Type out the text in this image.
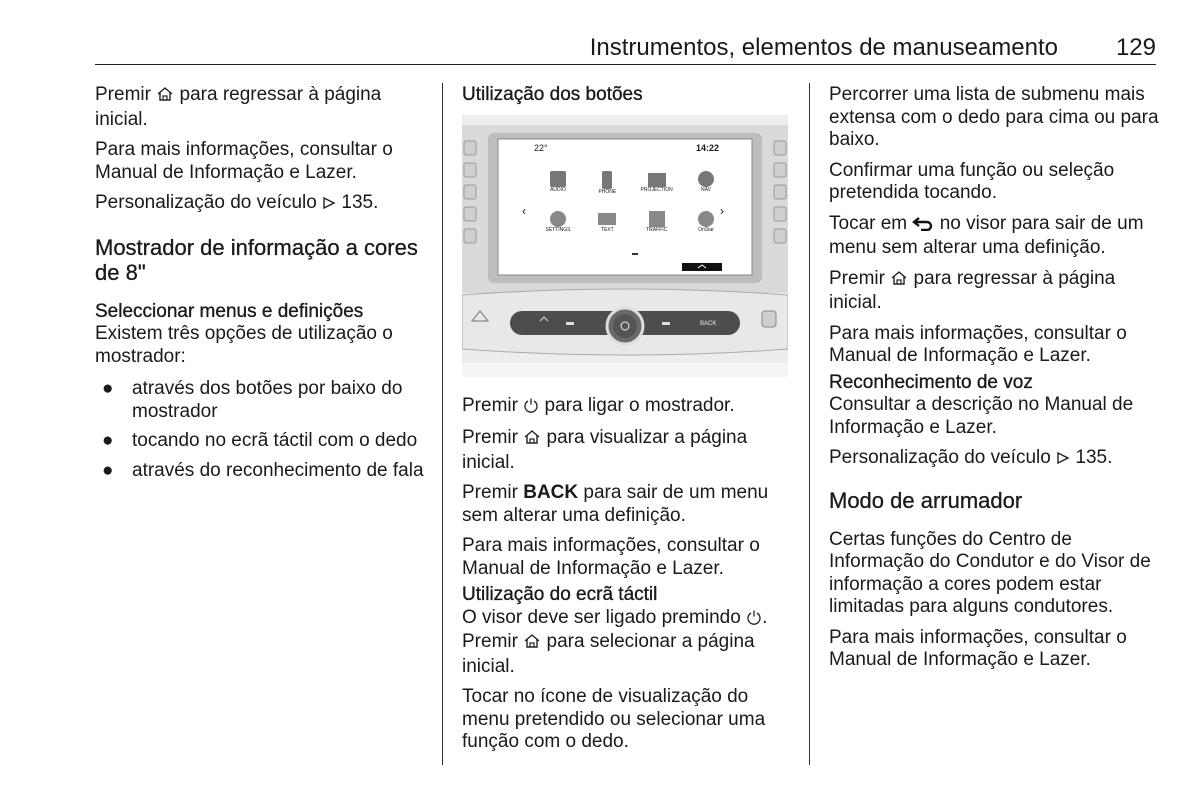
Instrumentos, elementos de manuseamento 129

Premir  para regressar à página inicial.

Para mais informações, consultar o Manual de Informação e Lazer.

Personalização do veículo  135.

Mostrador de informação a cores de 8"
Seleccionar menus e definições

Existem três opções de utilização o mostrador:

● através dos botões por baixo do mostrador
● tocando no ecrã táctil com o dedo
● através do reconhecimento de fala
Utilização dos botões
22°	14:22
‹	›
AUDIO	PHONE	PROJECTION	NAV
SETTINGS	TEXT	TRAFFIC	OnStar
BACK

Premir  para ligar o mostrador.

Premir  para visualizar a página inicial.

Premir BACK para sair de um menu sem alterar uma definição.

Para mais informações, consultar o Manual de Informação e Lazer.

Utilização do ecrã táctil

O visor deve ser ligado premindo .

Premir  para selecionar a página inicial.

Tocar no ícone de visualização do menu pretendido ou selecionar uma função com o dedo.

Percorrer uma lista de submenu mais extensa com o dedo para cima ou para baixo.

Confirmar uma função ou seleção pretendida tocando.

Tocar em  no visor para sair de um menu sem alterar uma definição.

Premir  para regressar à página inicial.

Para mais informações, consultar o Manual de Informação e Lazer.

Reconhecimento de voz

Consultar a descrição no Manual de Informação e Lazer.

Personalização do veículo  135.

Modo de arrumador

Certas funções do Centro de Informação do Condutor e do Visor de informação a cores podem estar limitadas para alguns condutores.

Para mais informações, consultar o Manual de Informação e Lazer.
